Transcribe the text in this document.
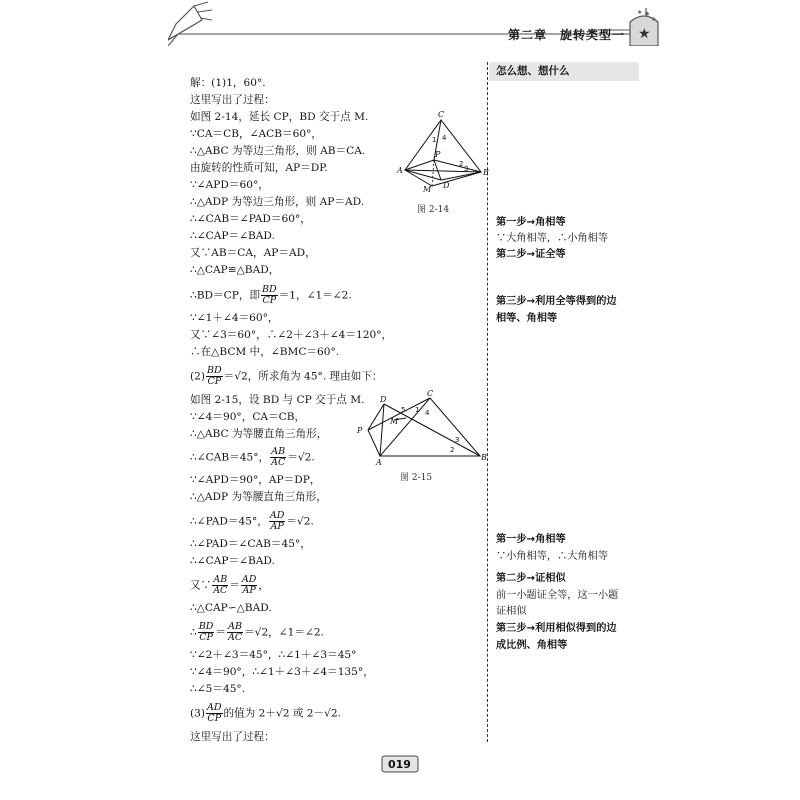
★
★
★
★
第二章　旋转类型一
怎么想、想什么
第一步→角相等
∵大角相等，∴小角相等
第二步→证全等
第三步→利用全等得到的边
相等、角相等
第一步→角相等
∵小角相等，∴大角相等
第二步→证相似
前一小题证全等，这一小题
证相似
第三步→利用相似得到的边
成比例、角相等
解：(1)1，60°.
这里写出了过程：
如图 2-14，延长 CP，BD 交于点 M.
∵CA＝CB，∠ACB＝60°，
∴△ABC 为等边三角形，则 AB＝CA.
由旋转的性质可知，AP＝DP.
∵∠APD＝60°，
∴△ADP 为等边三角形，则 AP＝AD.
∴∠CAB＝∠PAD＝60°，
∴∠CAP＝∠BAD.
又∵AB＝CA，AP＝AD，
∴△CAP≌△BAD，
∴BD＝CP，即 $\frac{BD}{CP} =1$，∠1＝∠2.
∵∠1＋∠4＝60°，
又∵∠3＝60°，∴∠2＋∠3＋∠4＝120°，
∴在△BCM 中，∠BMC＝60°.
$(2) \frac{BD}{CP} =√2$，所求角为 45°. 理由如下：
如图 2-15，设 BD 与 CP 交于点 M.
∵∠4＝90°，CA＝CB，
∴△ABC 为等腰直角三角形，
∴∠CAB＝45°， $\frac{AB}{AC} =√2$.
∵∠APD＝90°，AP＝DP，
∴△ADP 为等腰直角三角形，
∴∠PAD＝45°， $\frac{AD}{AP} =√2$.
∴∠PAD＝∠CAB＝45°，
∴∠CAP＝∠BAD.
又∵ $\frac{AB}{AC} = \frac{AD}{AP}$ ，
∴△CAP∽△BAD.
∴ $\frac{BD}{CP} = \frac{AB}{AC} =√2$，∠1＝∠2.
∵∠2＋∠3＝45°，∴∠1＋∠3＝45°
∵∠4＝90°，∴∠1＋∠3＋∠4＝135°，
∴∠5＝45°.
$(3) \frac{AD}{CP}$ 的值为 2＋√2 或 2－√2.
这里写出了过程：
C
A	B
P
D
M
1
2
3
4
图 2-14
C
A
B
P
D
M
1
2
3
4
5
图 2-15
019
